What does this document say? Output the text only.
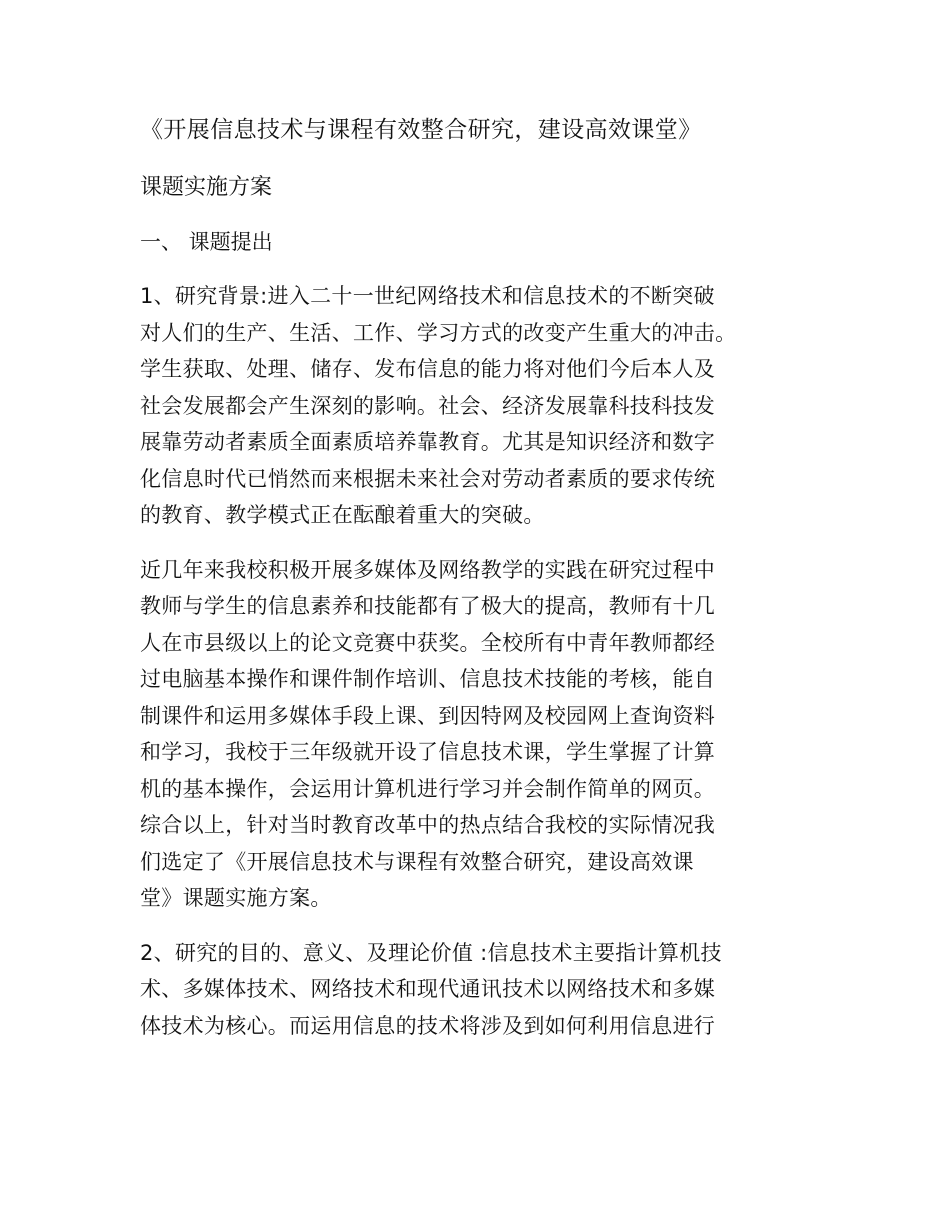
《开展信息技术与课程有效整合研究，建设高效课堂》
课题实施方案
一、 课题提出
1、研究背景:进入二十一世纪网络技术和信息技术的不断突破
对人们的生产、生活、工作、学习方式的改变产生重大的冲击。
学生获取、处理、储存、发布信息的能力将对他们今后本人及
社会发展都会产生深刻的影响。社会、经济发展靠科技科技发
展靠劳动者素质全面素质培养靠教育。尤其是知识经济和数字
化信息时代已悄然而来根据未来社会对劳动者素质的要求传统
的教育、教学模式正在酝酿着重大的突破。
近几年来我校积极开展多媒体及网络教学的实践在研究过程中
教师与学生的信息素养和技能都有了极大的提高，教师有十几
人在市县级以上的论文竞赛中获奖。全校所有中青年教师都经
过电脑基本操作和课件制作培训、信息技术技能的考核，能自
制课件和运用多媒体手段上课、到因特网及校园网上查询资料
和学习，我校于三年级就开设了信息技术课，学生掌握了计算
机的基本操作，会运用计算机进行学习并会制作简单的网页。
综合以上，针对当时教育改革中的热点结合我校的实际情况我
们选定了《开展信息技术与课程有效整合研究，建设高效课
堂》课题实施方案。
2、研究的目的、意义、及理论价值 :信息技术主要指计算机技
术、多媒体技术、网络技术和现代通讯技术以网络技术和多媒
体技术为核心。而运用信息的技术将涉及到如何利用信息进行
